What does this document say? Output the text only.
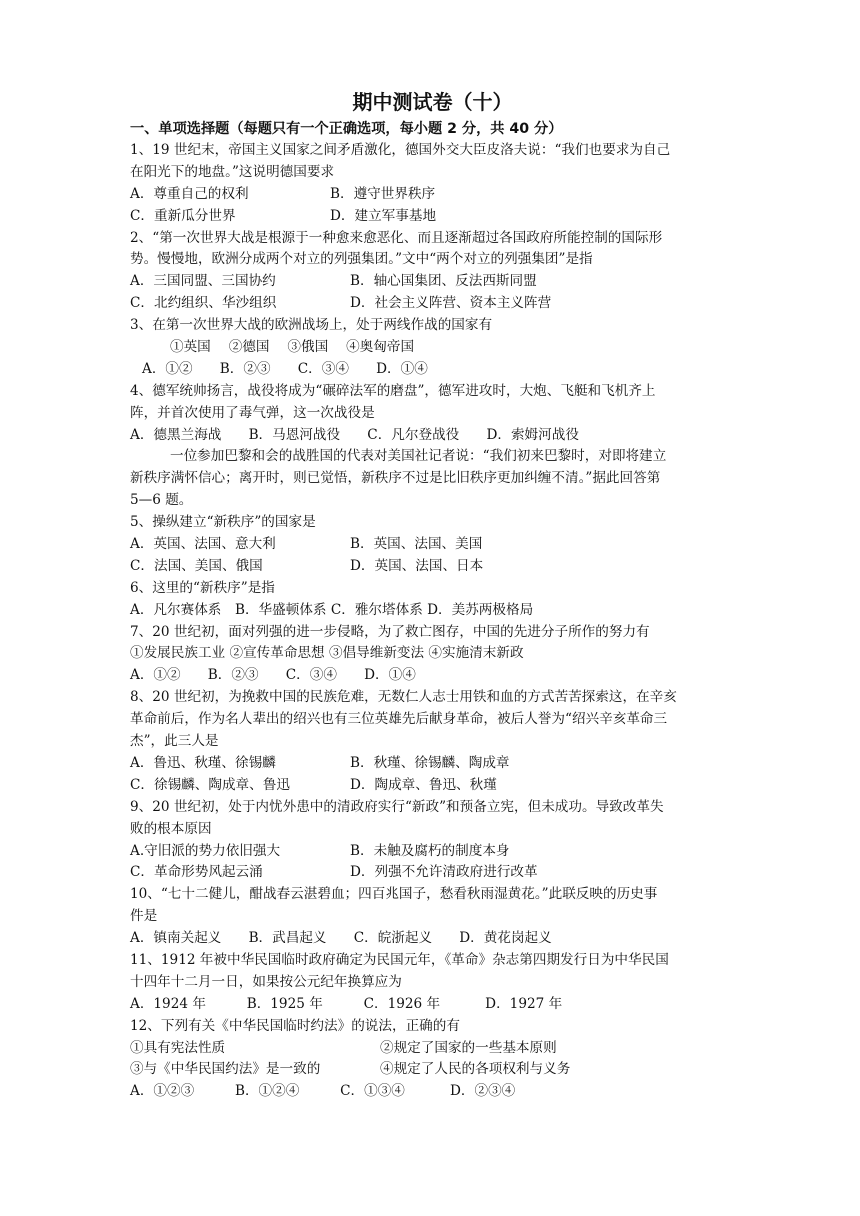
期中测试卷（十）
一、单项选择题（每题只有一个正确选项，每小题 2 分，共 40 分）
1、19 世纪末，帝国主义国家之间矛盾激化，德国外交大臣皮洛夫说：“我们也要求为自己
在阳光下的地盘。”这说明德国要求
A．尊重自己的权利	B．遵守世界秩序
C．重新瓜分世界	D．建立军事基地
2、“第一次世界大战是根源于一种愈来愈恶化、而且逐渐超过各国政府所能控制的国际形
势。慢慢地，欧洲分成两个对立的列强集团。”文中“两个对立的列强集团”是指
A．三国同盟、三国协约	B．轴心国集团、反法西斯同盟
C．北约组织、华沙组织	D．社会主义阵营、资本主义阵营
3、在第一次世界大战的欧洲战场上，处于两线作战的国家有
①英国　 ②德国　 ③俄国　 ④奥匈帝国
A．①②　　B．②③　　C．③④　　D．①④
4、德军统帅扬言，战役将成为“碾碎法军的磨盘”，德军进攻时，大炮、飞艇和飞机齐上
阵，并首次使用了毒气弹，这一次战役是
A．德黑兰海战　　B．马恩河战役　　C．凡尔登战役　　D．索姆河战役
一位参加巴黎和会的战胜国的代表对美国社记者说：“我们初来巴黎时，对即将建立
新秩序满怀信心；离开时，则已觉悟，新秩序不过是比旧秩序更加纠缠不清。”据此回答第
5—6 题。
5、操纵建立“新秩序”的国家是
A．英国、法国、意大利	B．英国、法国、美国
C．法国、美国、俄国	D．英国、法国、日本
6、这里的“新秩序”是指
A．凡尔赛体系　B．华盛顿体系 C．雅尔塔体系 D．美苏两极格局
7、20 世纪初，面对列强的进一步侵略，为了救亡图存，中国的先进分子所作的努力有
①发展民族工业 ②宣传革命思想 ③倡导维新变法 ④实施清末新政
A．①②　　B．②③　　C．③④　　D．①④
8、20 世纪初，为挽救中国的民族危难，无数仁人志士用铁和血的方式苦苦探索这，在辛亥
革命前后，作为名人辈出的绍兴也有三位英雄先后献身革命，被后人誉为“绍兴辛亥革命三
杰”，此三人是
A．鲁迅、秋瑾、徐锡麟	B．秋瑾、徐锡麟、陶成章
C．徐锡麟、陶成章、鲁迅	D．陶成章、鲁迅、秋瑾
9、20 世纪初，处于内忧外患中的清政府实行“新政”和预备立宪，但未成功。导致改革失
败的根本原因
A.守旧派的势力依旧强大	B．未触及腐朽的制度本身
C．革命形势风起云涌	D．列强不允许清政府进行改革
10、“七十二健儿，酣战春云湛碧血；四百兆国子，愁看秋雨湿黄花。”此联反映的历史事
件是
A．镇南关起义　　B．武昌起义　　C．皖浙起义　　D．黄花岗起义
11、1912 年被中华民国临时政府确定为民国元年，《革命》杂志第四期发行日为中华民国
十四年十二月一日，如果按公元纪年换算应为
A．1924 年　　　B．1925 年　　　C．1926 年　　　 D．1927 年
12、下列有关《中华民国临时约法》的说法，正确的有
①具有宪法性质	②规定了国家的一些基本原则
③与《中华民国约法》是一致的	④规定了人民的各项权利与义务
A．①②③　　　B．①②④　　　C．①③④　　　 D．②③④
